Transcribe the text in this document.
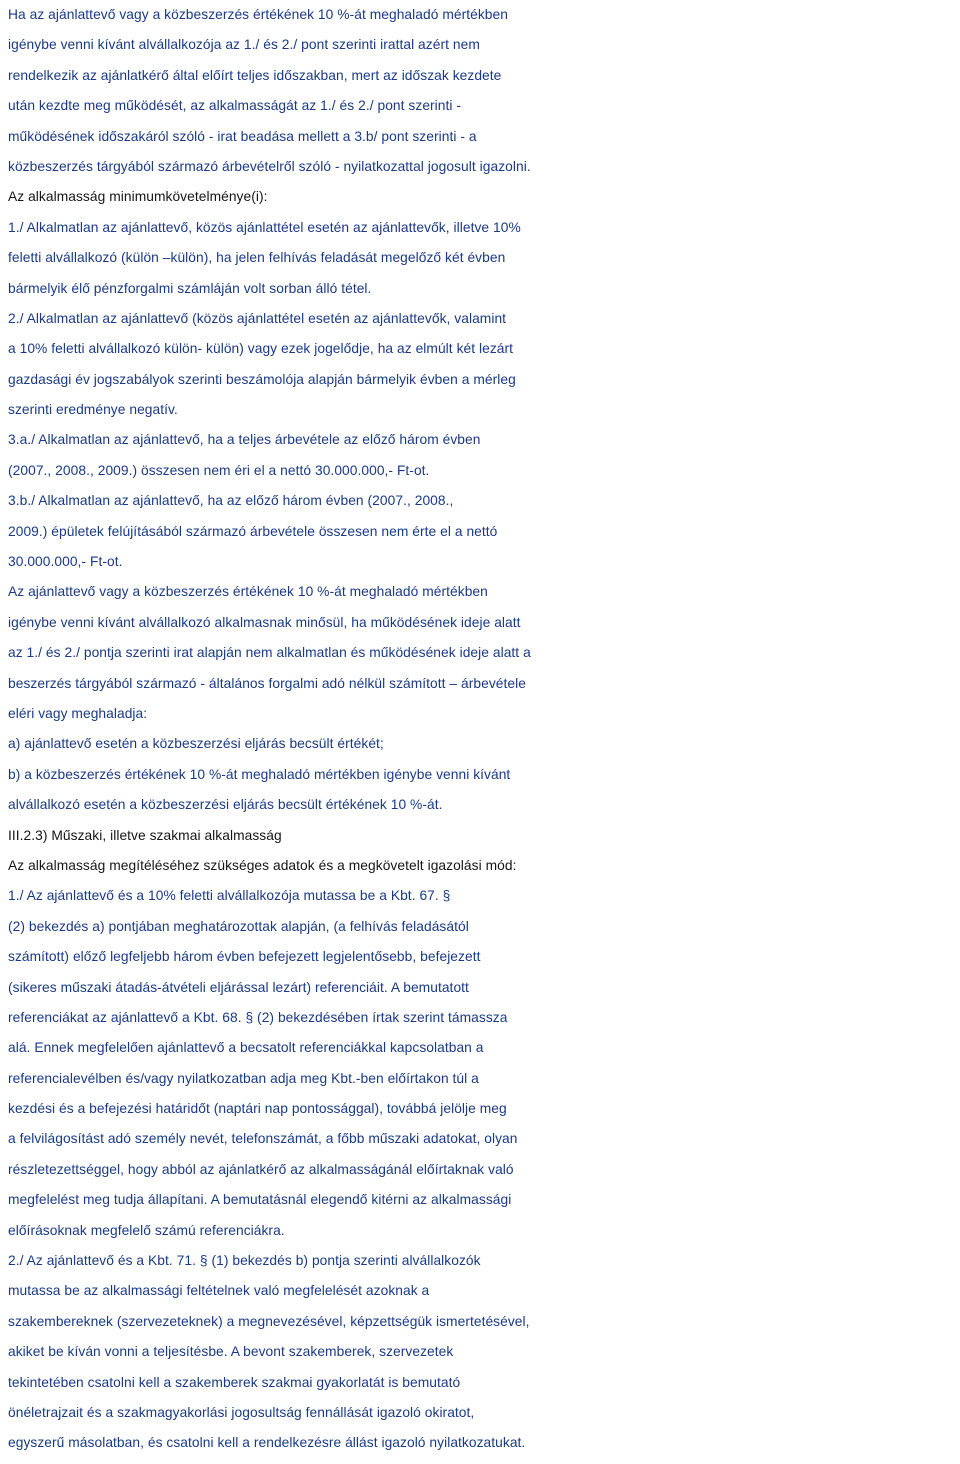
Ha az ajánlattevő vagy a közbeszerzés értékének 10 %-át meghaladó mértékben
igénybe venni kívánt alvállalkozója az 1./ és 2./ pont szerinti irattal azért nem
rendelkezik az ajánlatkérő által előírt teljes időszakban, mert az időszak kezdete
után kezdte meg működését, az alkalmasságát az 1./ és 2./ pont szerinti -
működésének időszakáról szóló - irat beadása mellett a 3.b/ pont szerinti - a
közbeszerzés tárgyából származó árbevételről szóló - nyilatkozattal jogosult igazolni.
Az alkalmasság minimumkövetelménye(i):
1./ Alkalmatlan az ajánlattevő, közös ajánlattétel esetén az ajánlattevők, illetve 10%
feletti alvállalkozó (külön –külön), ha jelen felhívás feladását megelőző két évben
bármelyik élő pénzforgalmi számláján volt sorban álló tétel.
2./ Alkalmatlan az ajánlattevő (közös ajánlattétel esetén az ajánlattevők, valamint
a 10% feletti alvállalkozó külön- külön) vagy ezek jogelődje, ha az elmúlt két lezárt
gazdasági év jogszabályok szerinti beszámolója alapján bármelyik évben a mérleg
szerinti eredménye negatív.
3.a./ Alkalmatlan az ajánlattevő, ha a teljes árbevétele az előző három évben
(2007., 2008., 2009.) összesen nem éri el a nettó 30.000.000,- Ft-ot.
3.b./ Alkalmatlan az ajánlattevő, ha az előző három évben (2007., 2008.,
2009.) épületek felújításából származó árbevétele összesen nem érte el a nettó
30.000.000,- Ft-ot.
Az ajánlattevő vagy a közbeszerzés értékének 10 %-át meghaladó mértékben
igénybe venni kívánt alvállalkozó alkalmasnak minősül, ha működésének ideje alatt
az 1./ és 2./ pontja szerinti irat alapján nem alkalmatlan és működésének ideje alatt a
beszerzés tárgyából származó - általános forgalmi adó nélkül számított – árbevétele
eléri vagy meghaladja:
a) ajánlattevő esetén a közbeszerzési eljárás becsült értékét;
b) a közbeszerzés értékének 10 %-át meghaladó mértékben igénybe venni kívánt
alvállalkozó esetén a közbeszerzési eljárás becsült értékének 10 %-át.
III.2.3) Műszaki, illetve szakmai alkalmasság
Az alkalmasság megítéléséhez szükséges adatok és a megkövetelt igazolási mód:
1./ Az ajánlattevő és a 10% feletti alvállalkozója mutassa be a Kbt. 67. §
(2) bekezdés a) pontjában meghatározottak alapján, (a felhívás feladásától
számított) előző legfeljebb három évben befejezett legjelentősebb, befejezett
(sikeres műszaki átadás-átvételi eljárással lezárt) referenciáit. A bemutatott
referenciákat az ajánlattevő a Kbt. 68. § (2) bekezdésében írtak szerint támassza
alá. Ennek megfelelően ajánlattevő a becsatolt referenciákkal kapcsolatban a
referencialevélben és/vagy nyilatkozatban adja meg Kbt.-ben előírtakon túl a
kezdési és a befejezési határidőt (naptári nap pontossággal), továbbá jelölje meg
a felvilágosítást adó személy nevét, telefonszámát, a főbb műszaki adatokat, olyan
részletezettséggel, hogy abból az ajánlatkérő az alkalmasságánál előírtaknak való
megfelelést meg tudja állapítani. A bemutatásnál elegendő kitérni az alkalmassági
előírásoknak megfelelő számú referenciákra.
2./ Az ajánlattevő és a Kbt. 71. § (1) bekezdés b) pontja szerinti alvállalkozók
mutassa be az alkalmassági feltételnek való megfelelését azoknak a
szakembereknek (szervezeteknek) a megnevezésével, képzettségük ismertetésével,
akiket be kíván vonni a teljesítésbe. A bevont szakemberek, szervezetek
tekintetében csatolni kell a szakemberek szakmai gyakorlatát is bemutató
önéletrajzait és a szakmagyakorlási jogosultság fennállását igazoló okiratot,
egyszerű másolatban, és csatolni kell a rendelkezésre állást igazoló nyilatkozatukat.
